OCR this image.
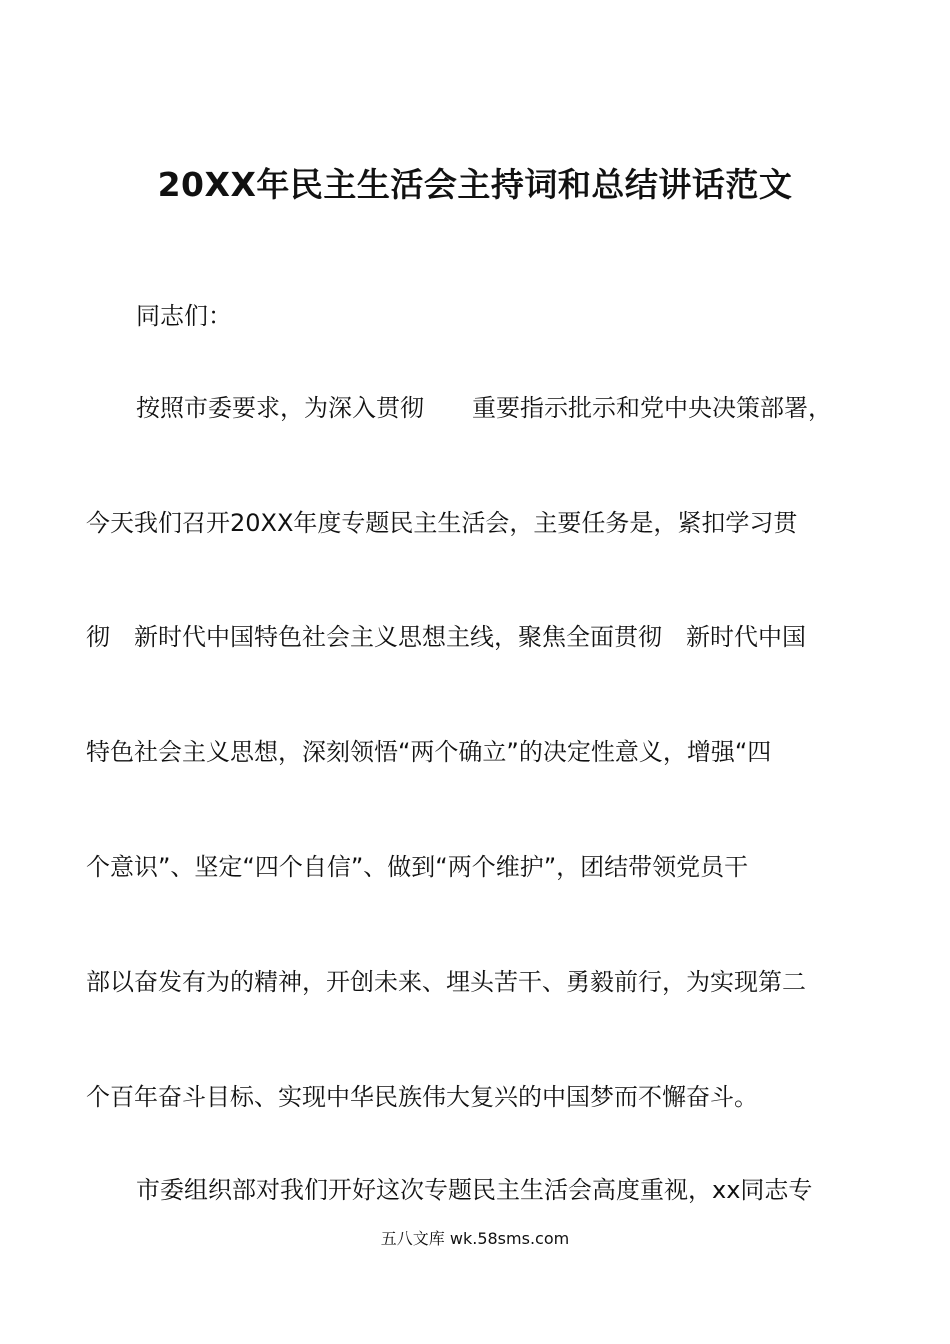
20XX年民主生活会主持词和总结讲话范文

同志们：

按照市委要求，为深入贯彻　　重要指示批示和党中央决策部署，

今天我们召开20XX年度专题民主生活会，主要任务是，紧扣学习贯

彻　新时代中国特色社会主义思想主线，聚焦全面贯彻　新时代中国

特色社会主义思想，深刻领悟“两个确立”的决定性意义，增强“四

个意识”、坚定“四个自信”、做到“两个维护”，团结带领党员干

部以奋发有为的精神，开创未来、埋头苦干、勇毅前行，为实现第二

个百年奋斗目标、实现中华民族伟大复兴的中国梦而不懈奋斗。

市委组织部对我们开好这次专题民主生活会高度重视，xx同志专

五八文库 wk.58sms.com
